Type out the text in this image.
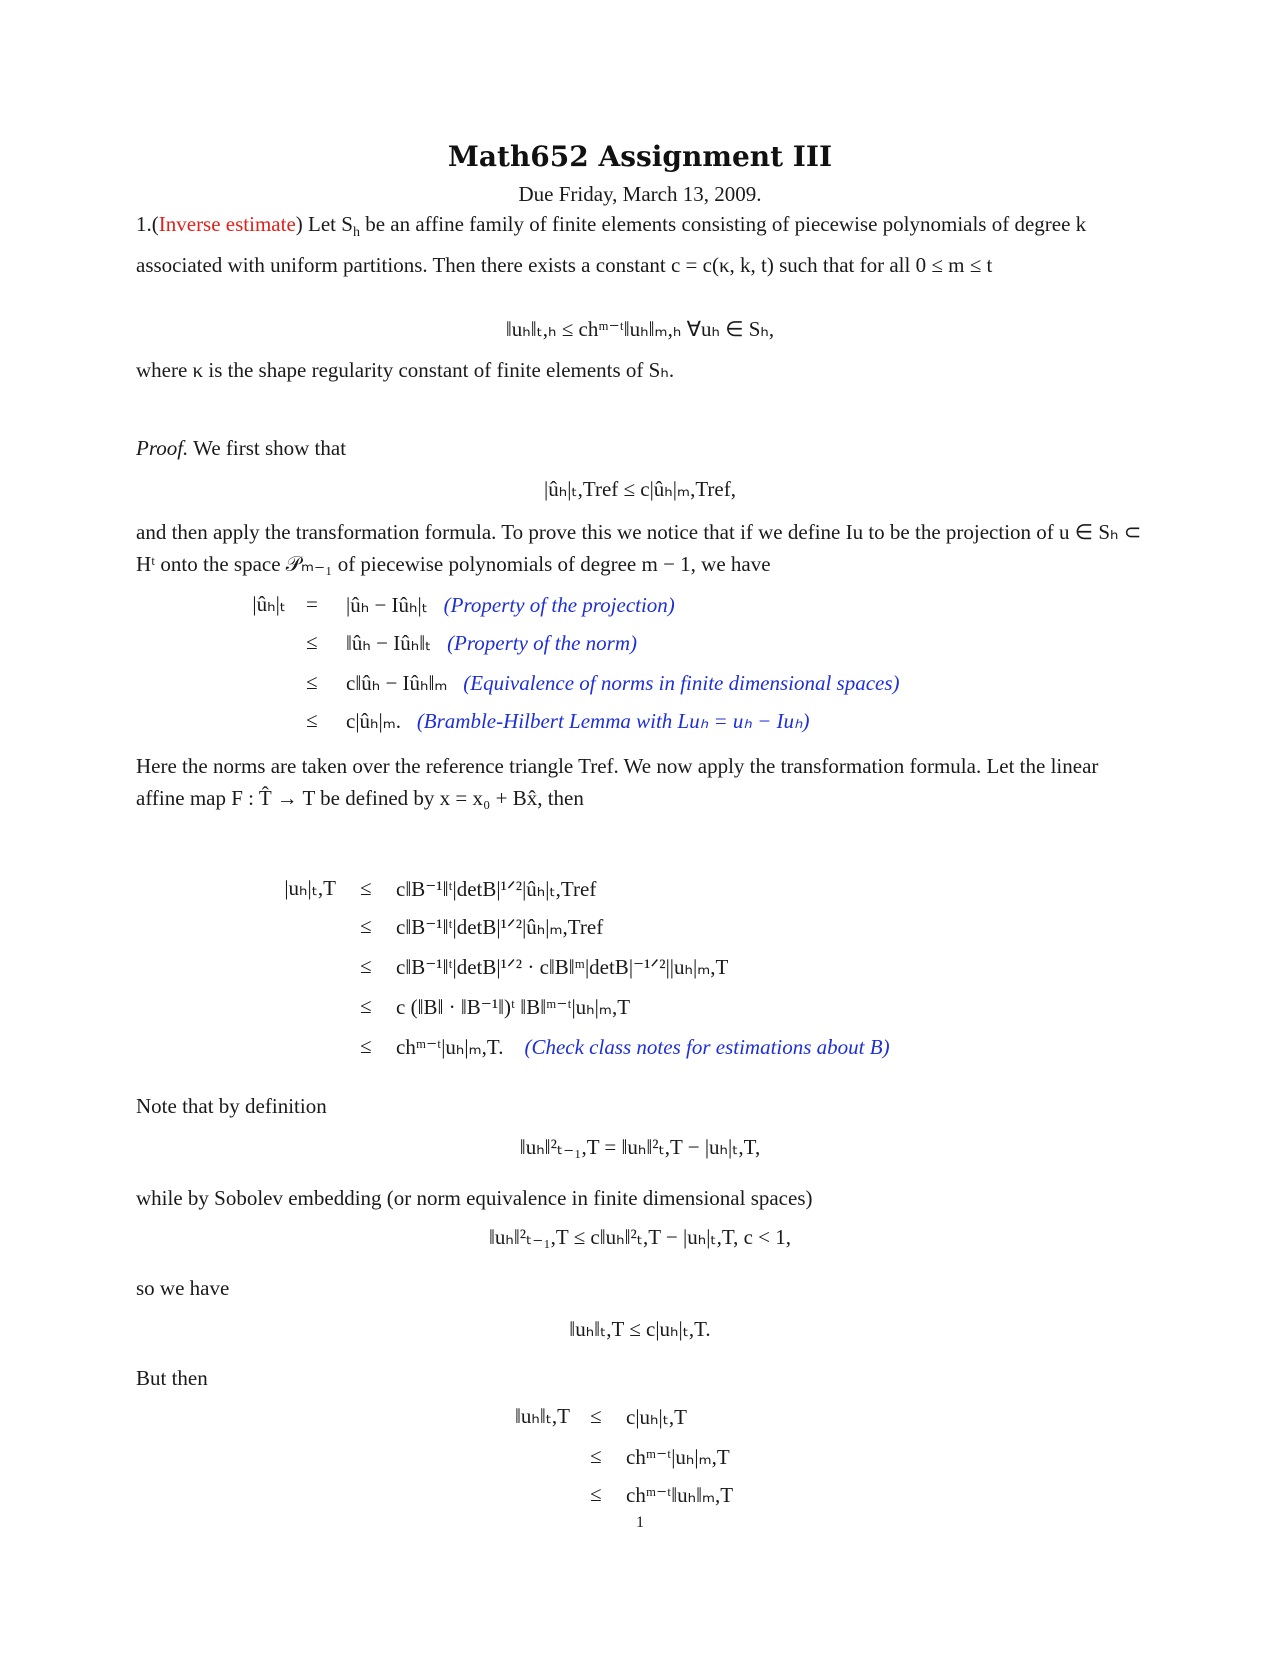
Math652 Assignment III
Due Friday, March 13, 2009.
1.(Inverse estimate) Let $S_h$ be an affine family of finite elements consisting of piecewise polynomials of degree k associated with uniform partitions. Then there exists a constant c = c(κ, k, t) such that for all 0 ≤ m ≤ t
‖uₕ‖ₜ,ₕ ≤ chᵐ⁻ᵗ‖uₕ‖ₘ,ₕ ∀uₕ ∈ Sₕ,
where κ is the shape regularity constant of finite elements of Sₕ.
Proof. We first show that
|ûₕ|ₜ,Tref ≤ c|ûₕ|ₘ,Tref,
and then apply the transformation formula. To prove this we notice that if we define Iu to be the projection of u ∈ Sₕ ⊂ Hᵗ onto the space 𝒫ₘ₋₁ of piecewise polynomials of degree m − 1, we have
|ûₕ|ₜ = |ûₕ − Iûₕ|ₜ (Property of the projection)
≤ ‖ûₕ − Iûₕ‖ₜ (Property of the norm)
≤ c‖ûₕ − Iûₕ‖ₘ (Equivalence of norms in finite dimensional spaces)
≤ c|ûₕ|ₘ. (Bramble-Hilbert Lemma with Luₕ = uₕ − Iuₕ)
Here the norms are taken over the reference triangle Tref. We now apply the transformation formula. Let the linear affine map F : T̂ → T be defined by x = x₀ + Bx̂, then
|uₕ|ₜ,T ≤ c‖B⁻¹‖ᵗ|detB|¹ᐟ²|ûₕ|ₜ,Tref
≤ c‖B⁻¹‖ᵗ|detB|¹ᐟ²|ûₕ|ₘ,Tref
≤ c‖B⁻¹‖ᵗ|detB|¹ᐟ² · c‖B‖ᵐ|detB|⁻¹ᐟ²||uₕ|ₘ,T
≤ c (‖B‖ · ‖B⁻¹‖)ᵗ ‖B‖ᵐ⁻ᵗ|uₕ|ₘ,T
≤ chᵐ⁻ᵗ|uₕ|ₘ,T. (Check class notes for estimations about B)
Note that by definition
‖uₕ‖²ₜ₋₁,T = ‖uₕ‖²ₜ,T − |uₕ|ₜ,T,
while by Sobolev embedding (or norm equivalence in finite dimensional spaces)
‖uₕ‖²ₜ₋₁,T ≤ c‖uₕ‖²ₜ,T − |uₕ|ₜ,T, c < 1,
so we have
‖uₕ‖ₜ,T ≤ c|uₕ|ₜ,T.
But then
‖uₕ‖ₜ,T ≤ c|uₕ|ₜ,T
≤ chᵐ⁻ᵗ|uₕ|ₘ,T
≤ chᵐ⁻ᵗ‖uₕ‖ₘ,T
1
